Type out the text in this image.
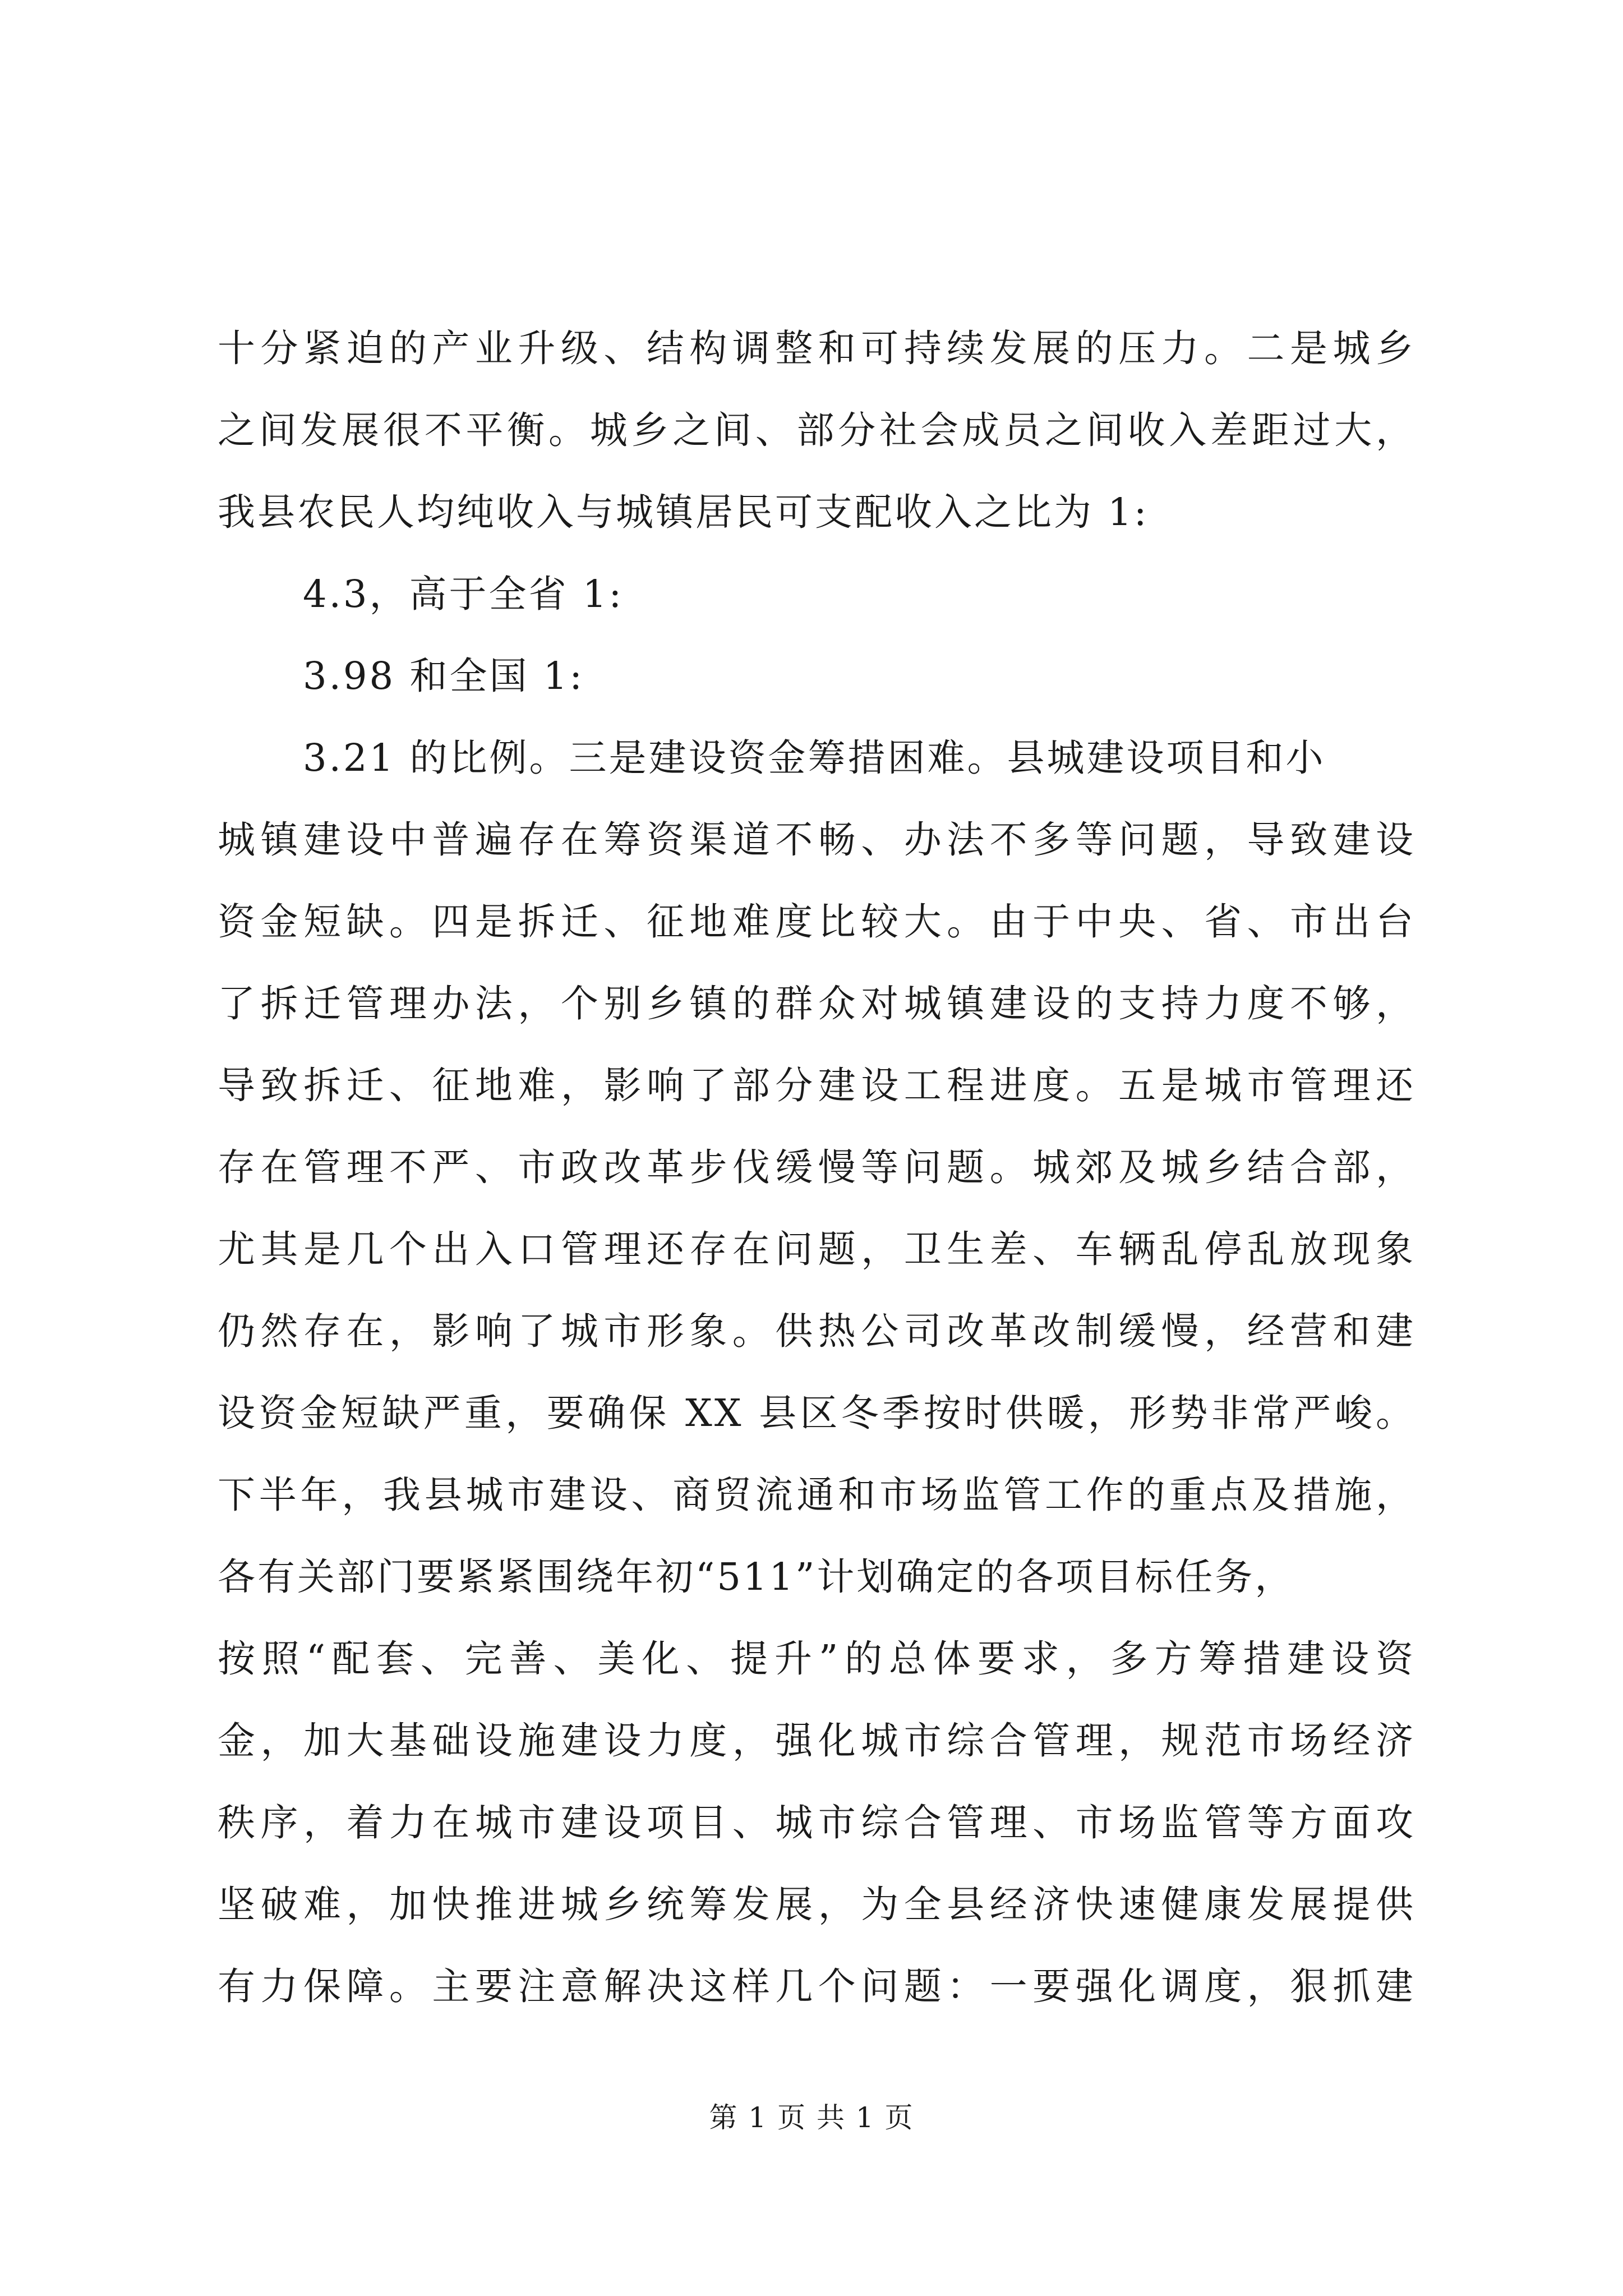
十分紧迫的产业升级、结构调整和可持续发展的压力。二是城乡
之间发展很不平衡。城乡之间、部分社会成员之间收入差距过大，
我县农民人均纯收入与城镇居民可支配收入之比为 1:
4.3，高于全省 1:
3.98 和全国 1:
3.21 的比例。三是建设资金筹措困难。县城建设项目和小
城镇建设中普遍存在筹资渠道不畅、办法不多等问题，导致建设
资金短缺。四是拆迁、征地难度比较大。由于中央、省、市出台
了拆迁管理办法，个别乡镇的群众对城镇建设的支持力度不够，
导致拆迁、征地难，影响了部分建设工程进度。五是城市管理还
存在管理不严、市政改革步伐缓慢等问题。城郊及城乡结合部，
尤其是几个出入口管理还存在问题，卫生差、车辆乱停乱放现象
仍然存在，影响了城市形象。供热公司改革改制缓慢，经营和建
设资金短缺严重，要确保 XX 县区冬季按时供暖，形势非常严峻。
下半年，我县城市建设、商贸流通和市场监管工作的重点及措施，
各有关部门要紧紧围绕年初“511”计划确定的各项目标任务，
按照“配套、完善、美化、提升”的总体要求，多方筹措建设资
金，加大基础设施建设力度，强化城市综合管理，规范市场经济
秩序，着力在城市建设项目、城市综合管理、市场监管等方面攻
坚破难，加快推进城乡统筹发展，为全县经济快速健康发展提供
有力保障。主要注意解决这样几个问题：一要强化调度，狠抓建
第 1 页 共 1 页
